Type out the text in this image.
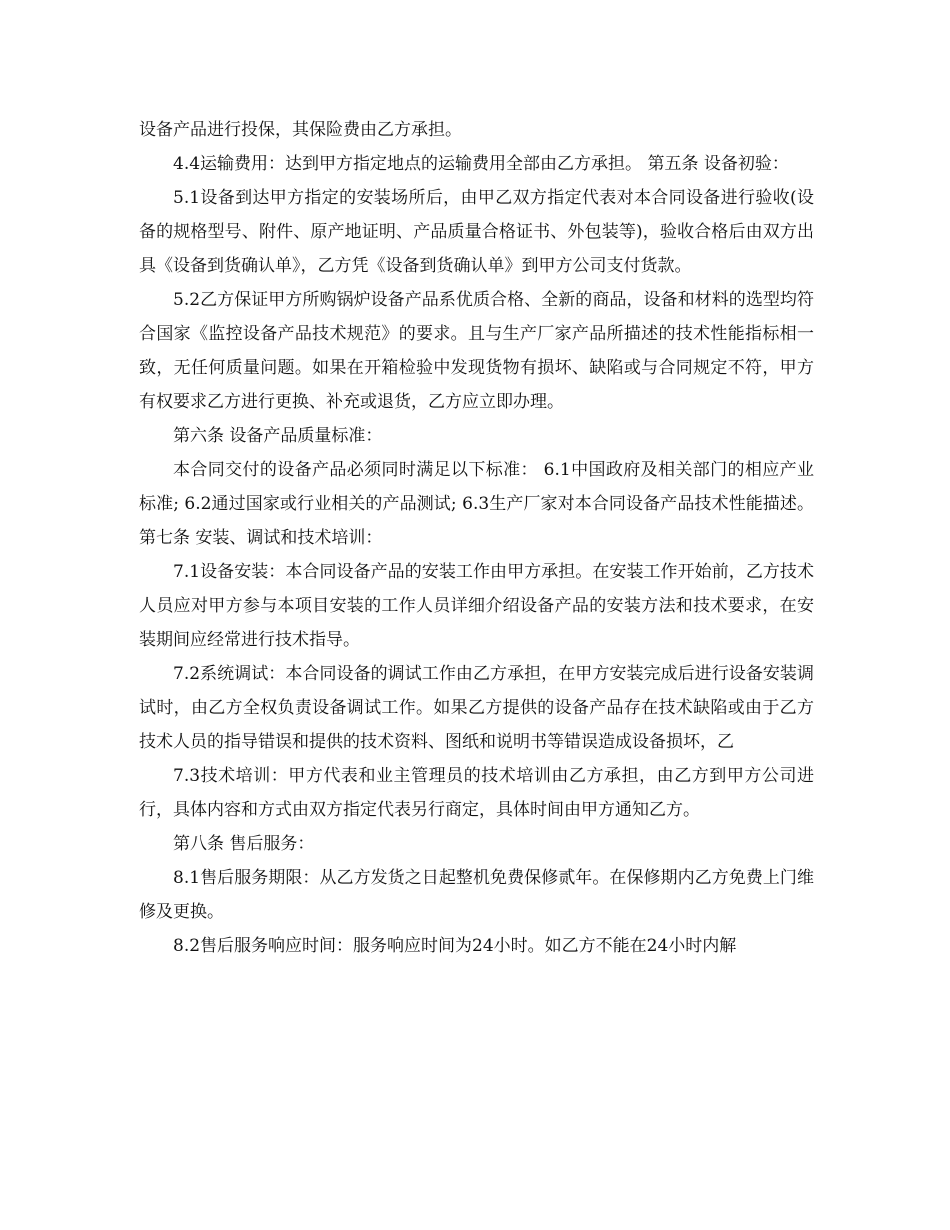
设备产品进行投保，其保险费由乙方承担。

4.4运输费用：达到甲方指定地点的运输费用全部由乙方承担。 第五条 设备初验：

5.1设备到达甲方指定的安装场所后，由甲乙双方指定代表对本合同设备进行验收(设备的规格型号、附件、原产地证明、产品质量合格证书、外包装等)，验收合格后由双方出具《设备到货确认单》，乙方凭《设备到货确认单》到甲方公司支付货款。

5.2乙方保证甲方所购锅炉设备产品系优质合格、全新的商品，设备和材料的选型均符合国家《监控设备产品技术规范》的要求。且与生产厂家产品所描述的技术性能指标相一致，无任何质量问题。如果在开箱检验中发现货物有损坏、缺陷或与合同规定不符，甲方有权要求乙方进行更换、补充或退货，乙方应立即办理。

第六条 设备产品质量标准：

本合同交付的设备产品必须同时满足以下标准： 6.1中国政府及相关部门的相应产业标准; 6.2通过国家或行业相关的产品测试; 6.3生产厂家对本合同设备产品技术性能描述。 第七条 安装、调试和技术培训：

7.1设备安装：本合同设备产品的安装工作由甲方承担。在安装工作开始前，乙方技术人员应对甲方参与本项目安装的工作人员详细介绍设备产品的安装方法和技术要求，在安装期间应经常进行技术指导。

7.2系统调试：本合同设备的调试工作由乙方承担，在甲方安装完成后进行设备安装调试时，由乙方全权负责设备调试工作。如果乙方提供的设备产品存在技术缺陷或由于乙方技术人员的指导错误和提供的技术资料、图纸和说明书等错误造成设备损坏，乙

7.3技术培训：甲方代表和业主管理员的技术培训由乙方承担，由乙方到甲方公司进行，具体内容和方式由双方指定代表另行商定，具体时间由甲方通知乙方。

第八条 售后服务：

8.1售后服务期限：从乙方发货之日起整机免费保修贰年。在保修期内乙方免费上门维修及更换。

8.2售后服务响应时间：服务响应时间为24小时。如乙方不能在24小时内解
